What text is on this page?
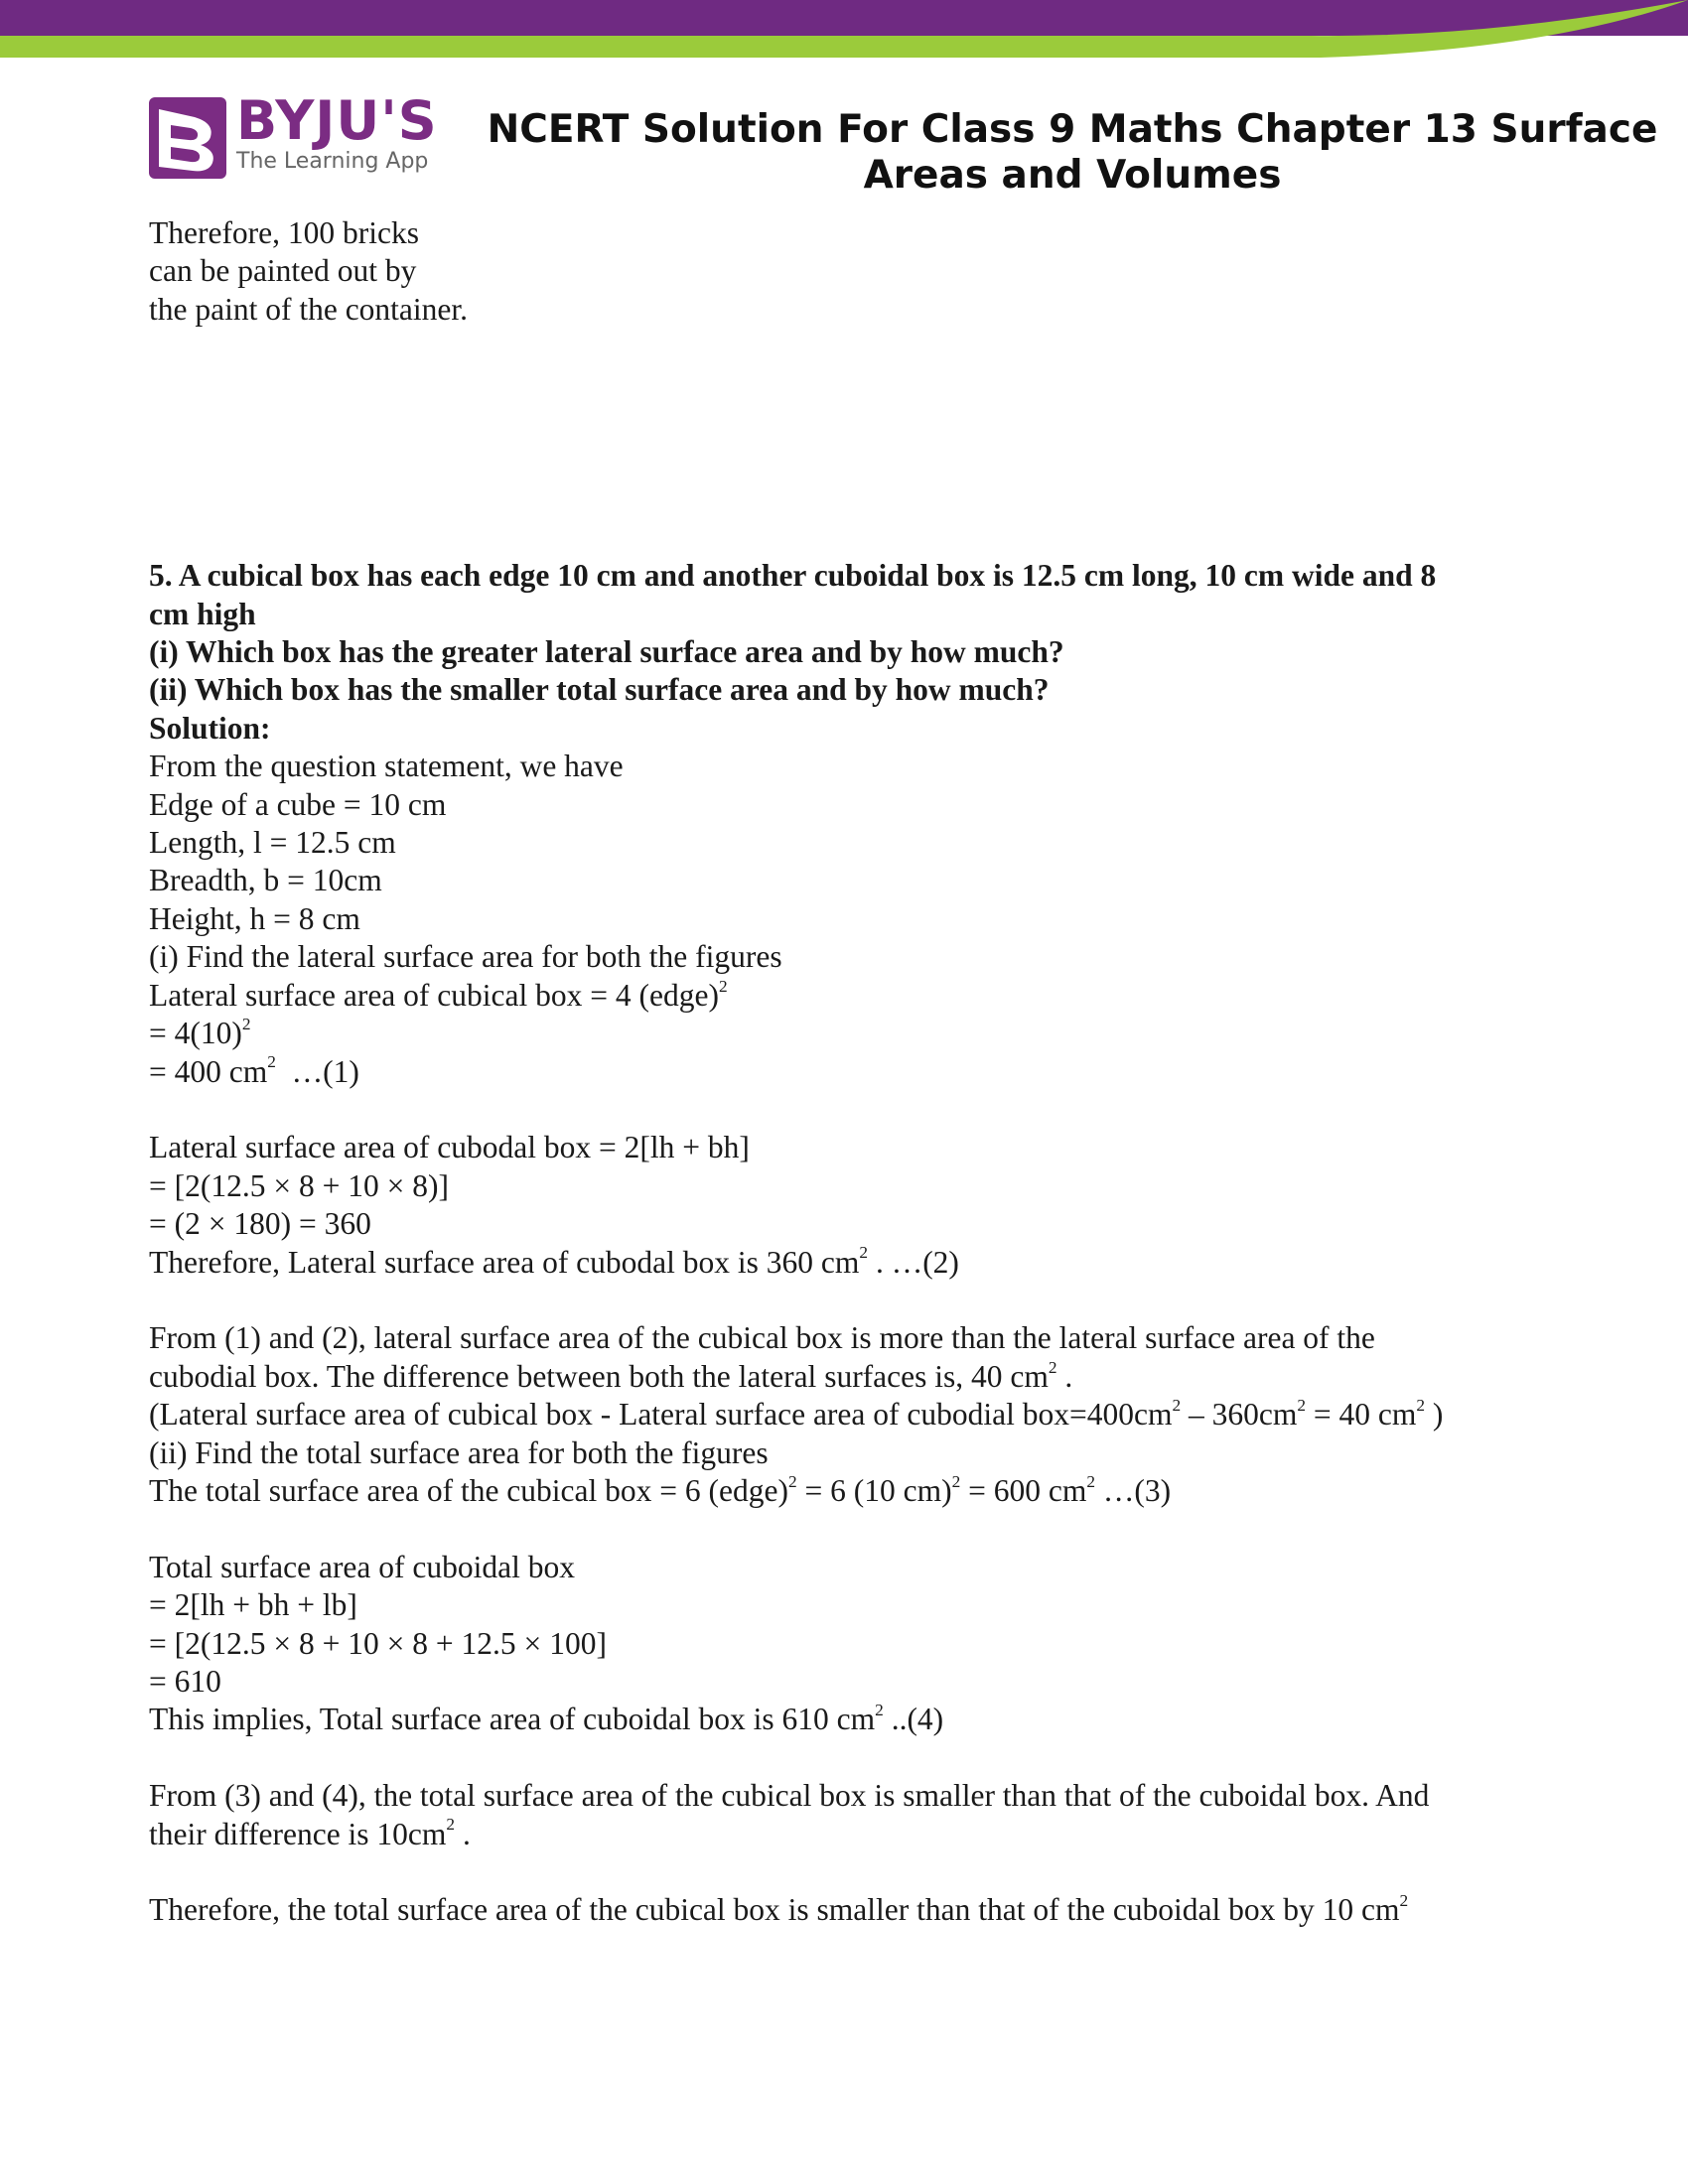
BYJU'S
The Learning App
NCERT Solution For Class 9 Maths Chapter 13 Surface Areas and Volumes
Therefore, 100 bricks
can be painted out by
the paint of the container.
5. A cubical box has each edge 10 cm and another cuboidal box is 12.5 cm long, 10 cm wide and 8
cm high
(i) Which box has the greater lateral surface area and by how much?
(ii) Which box has the smaller total surface area and by how much?
Solution:
From the question statement, we have
Edge of a cube = 10 cm
Length, l = 12.5 cm
Breadth, b = 10cm
Height, h = 8 cm
(i) Find the lateral surface area for both the figures
Lateral surface area of cubical box = 4 (edge)$^2$
= $4(10)^2$
= 400 $cm^2$  …(1)
Lateral surface area of cubodal box = 2[lh + bh]
= [2(12.5 × 8 + 10 × 8)]
= (2 × 180) = 360
Therefore, Lateral surface area of cubodal box is 360 $cm^2$ . …(2)
From (1) and (2), lateral surface area of the cubical box is more than the lateral surface area of the
cubodial box. The difference between both the lateral surfaces is, 40 $cm^2$ .
(Lateral surface area of cubical box - Lateral surface area of cubodial $box=400cm^2 - 360cm^2 = 40$ $cm^2$ )
(ii) Find the total surface area for both the figures
The total surface area of the cubical box = 6 (edge)$^2$ = 6 (10 cm)$^2$ = 600 $cm^2$ …(3)
Total surface area of cuboidal box
= 2[lh + bh + lb]
= [2(12.5 × 8 + 10 × 8 + 12.5 × 100]
= 610
This implies, Total surface area of cuboidal box is 610 $cm^2$ ..(4)
From (3) and (4), the total surface area of the cubical box is smaller than that of the cuboidal box. And
their difference is $10cm^2$ .
Therefore, the total surface area of the cubical box is smaller than that of the cuboidal box by 10 $cm^2$
